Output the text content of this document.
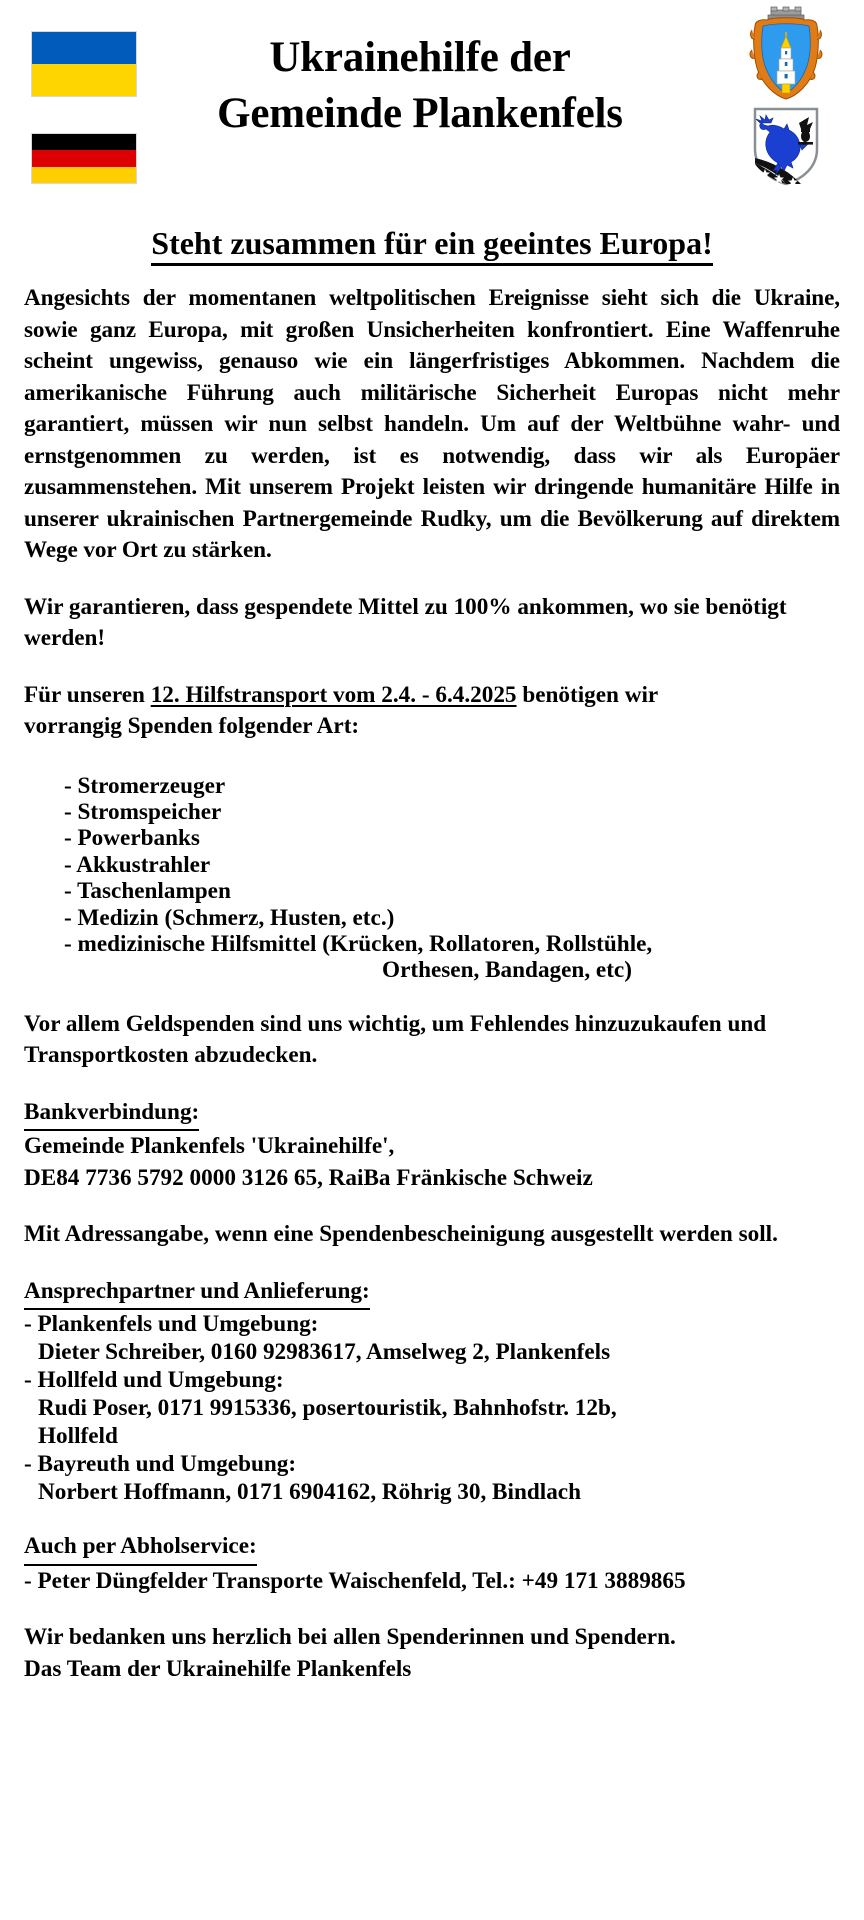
Ukrainehilfe der
Gemeinde Plankenfels
Steht zusammen für ein geeintes Europa!

Angesichts der momentanen weltpolitischen Ereignisse sieht sich die Ukraine, sowie ganz Europa, mit großen Unsicherheiten konfrontiert. Eine Waffenruhe scheint ungewiss, genauso wie ein längerfristiges Abkommen. Nachdem die amerikanische Führung auch militärische Sicherheit Europas nicht mehr garantiert, müssen wir nun selbst handeln. Um auf der Weltbühne wahr- und ernstgenommen zu werden, ist es notwendig, dass wir als Europäer zusammenstehen. Mit unserem Projekt leisten wir dringende humanitäre Hilfe in unserer ukrainischen Partnergemeinde Rudky, um die Bevölkerung auf direktem Wege vor Ort zu stärken.

Wir garantieren, dass gespendete Mittel zu 100% ankommen, wo sie benötigt werden!

Für unseren 12. Hilfstransport vom 2.4. - 6.4.2025 benötigen wir

vorrangig Spenden folgender Art:

- Stromerzeuger
- Stromspeicher
- Powerbanks
- Akkustrahler
- Taschenlampen
- Medizin (Schmerz, Husten, etc.)
- medizinische Hilfsmittel (Krücken, Rollatoren, Rollstühle,
Orthesen, Bandagen, etc)

Vor allem Geldspenden sind uns wichtig, um Fehlendes hinzuzukaufen und Transportkosten abzudecken.

Bankverbindung:

Gemeinde Plankenfels 'Ukrainehilfe',

DE84 7736 5792 0000 3126 65, RaiBa Fränkische Schweiz

Mit Adressangabe, wenn eine Spendenbescheinigung ausgestellt werden soll.

Ansprechpartner und Anlieferung:

- Plankenfels und Umgebung:
Dieter Schreiber, 0160 92983617, Amselweg 2, Plankenfels
- Hollfeld und Umgebung:
Rudi Poser, 0171 9915336, posertouristik, Bahnhofstr. 12b,
Hollfeld
- Bayreuth und Umgebung:
Norbert Hoffmann, 0171 6904162, Röhrig 30, Bindlach

Auch per Abholservice:

- Peter Düngfelder Transporte Waischenfeld, Tel.: +49 171 3889865

Wir bedanken uns herzlich bei allen Spenderinnen und Spendern.

Das Team der Ukrainehilfe Plankenfels
